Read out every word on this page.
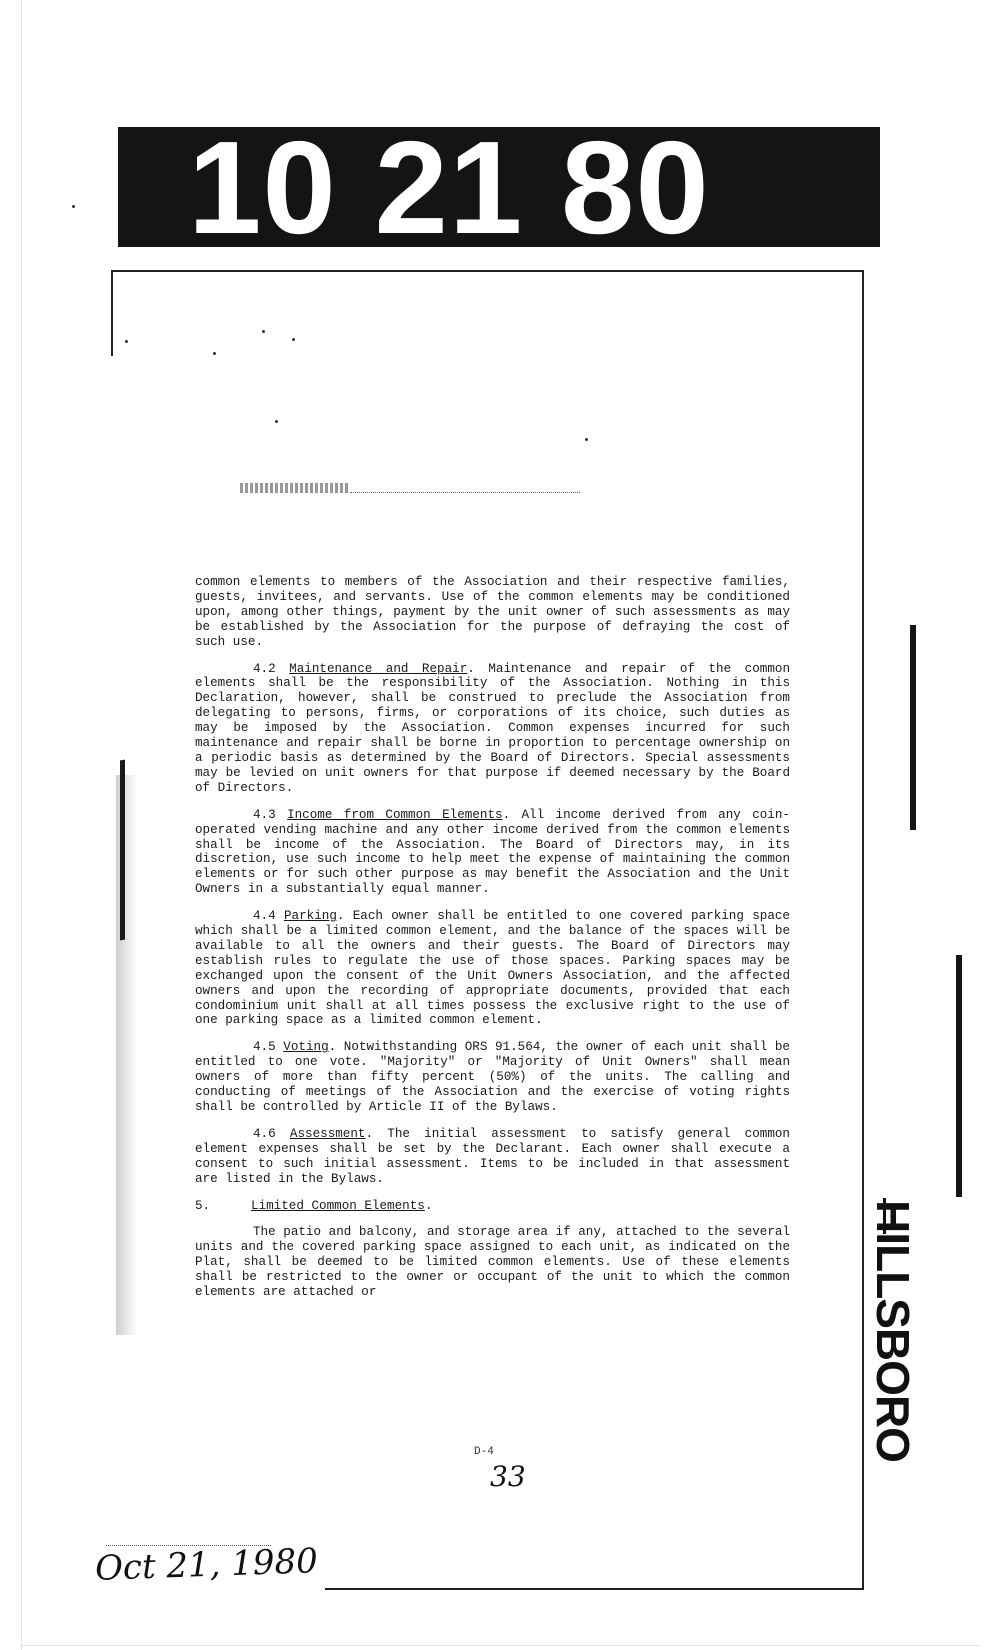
10 21 80

common elements to members of the Association and their respective families, guests, invitees, and servants. Use of the common elements may be conditioned upon, among other things, payment by the unit owner of such assessments as may be established by the Association for the purpose of defraying the cost of such use.

4.2 Maintenance and Repair. Maintenance and repair of the common elements shall be the responsibility of the Association. Nothing in this Declaration, however, shall be construed to preclude the Association from delegating to persons, firms, or corporations of its choice, such duties as may be imposed by the Association. Common expenses incurred for such maintenance and repair shall be borne in proportion to percentage ownership on a periodic basis as determined by the Board of Directors. Special assessments may be levied on unit owners for that purpose if deemed necessary by the Board of Directors.

4.3 Income from Common Elements. All income derived from any coin-operated vending machine and any other income derived from the common elements shall be income of the Association. The Board of Directors may, in its discretion, use such income to help meet the expense of maintaining the common elements or for such other purpose as may benefit the Association and the Unit Owners in a substantially equal manner.

4.4 Parking. Each owner shall be entitled to one covered parking space which shall be a limited common element, and the balance of the spaces will be available to all the owners and their guests. The Board of Directors may establish rules to regulate the use of those spaces. Parking spaces may be exchanged upon the consent of the Unit Owners Association, and the affected owners and upon the recording of appropriate documents, provided that each condominium unit shall at all times possess the exclusive right to the use of one parking space as a limited common element.

4.5 Voting. Notwithstanding ORS 91.564, the owner of each unit shall be entitled to one vote. "Majority" or "Majority of Unit Owners" shall mean owners of more than fifty percent (50%) of the units. The calling and conducting of meetings of the Association and the exercise of voting rights shall be controlled by Article II of the Bylaws.

4.6 Assessment. The initial assessment to satisfy general common element expenses shall be set by the Declarant. Each owner shall execute a consent to such initial assessment. Items to be included in that assessment are listed in the Bylaws.

5.	Limited Common Elements.

The patio and balcony, and storage area if any, attached to the several units and the covered parking space assigned to each unit, as indicated on the Plat, shall be deemed to be limited common elements. Use of these elements shall be restricted to the owner or occupant of the unit to which the common elements are attached or

D-4
33
HILLSBORO
Oct 21, 1980
